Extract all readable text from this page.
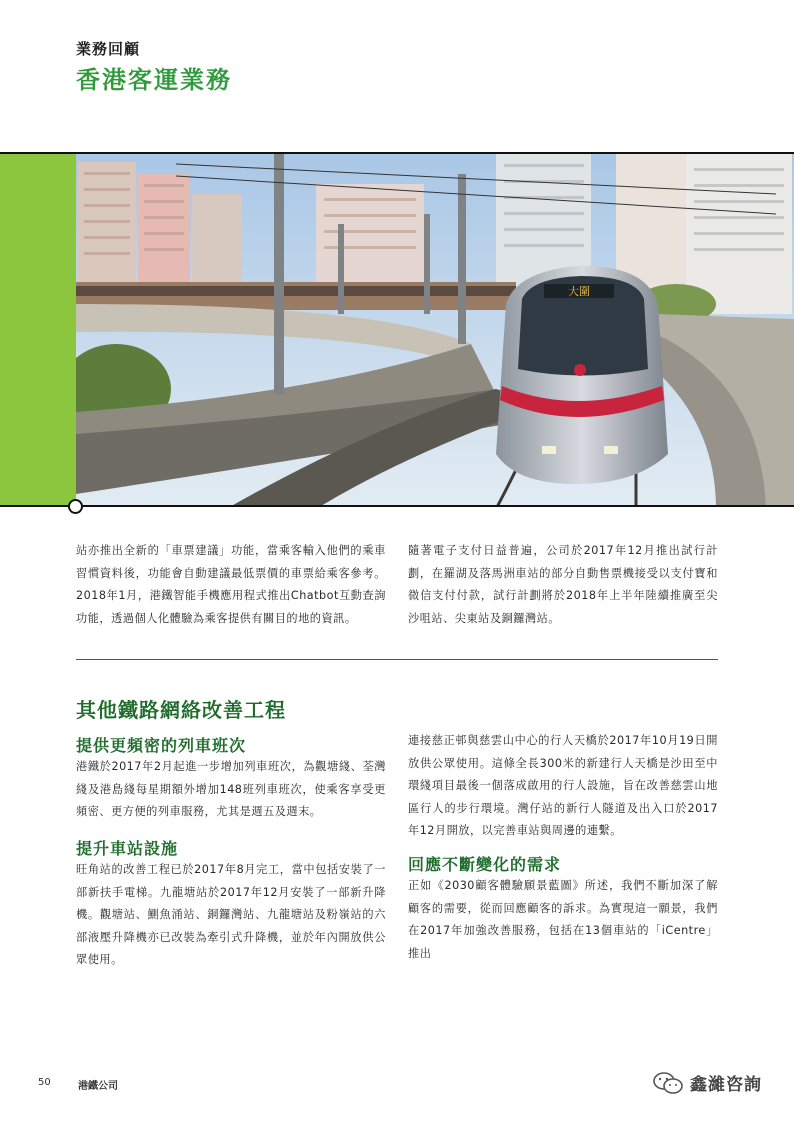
業務回顧
香港客運業務
大圍
站亦推出全新的「車票建議」功能，當乘客輸入他們的乘車習慣資料後，功能會自動建議最低票價的車票給乘客參考。2018年1月，港鐵智能手機應用程式推出Chatbot互動查詢功能，透過個人化體驗為乘客提供有關目的地的資訊。
隨著電子支付日益普遍，公司於2017年12月推出試行計劃，在羅湖及落馬洲車站的部分自動售票機接受以支付寶和微信支付付款，試行計劃將於2018年上半年陸續推廣至尖沙咀站、尖東站及銅鑼灣站。
其他鐵路網絡改善工程
提供更頻密的列車班次
港鐵於2017年2月起進一步增加列車班次，為觀塘綫、荃灣綫及港島綫每星期額外增加148班列車班次，使乘客享受更頻密、更方便的列車服務，尤其是週五及週末。
提升車站設施
旺角站的改善工程已於2017年8月完工，當中包括安裝了一部新扶手電梯。九龍塘站於2017年12月安裝了一部新升降機。觀塘站、鰂魚涌站、銅鑼灣站、九龍塘站及粉嶺站的六部液壓升降機亦已改裝為牽引式升降機，並於年內開放供公眾使用。
連接慈正邨與慈雲山中心的行人天橋於2017年10月19日開放供公眾使用。這條全長300米的新建行人天橋是沙田至中環綫項目最後一個落成啟用的行人設施，旨在改善慈雲山地區行人的步行環境。灣仔站的新行人隧道及出入口於2017年12月開放，以完善車站與周邊的連繫。
回應不斷變化的需求
正如《2030顧客體驗願景藍圖》所述，我們不斷加深了解顧客的需要，從而回應顧客的訴求。為實現這一願景，我們在2017年加強改善服務，包括在13個車站的「iCentre」推出
50	港鐵公司	鑫濰咨詢
